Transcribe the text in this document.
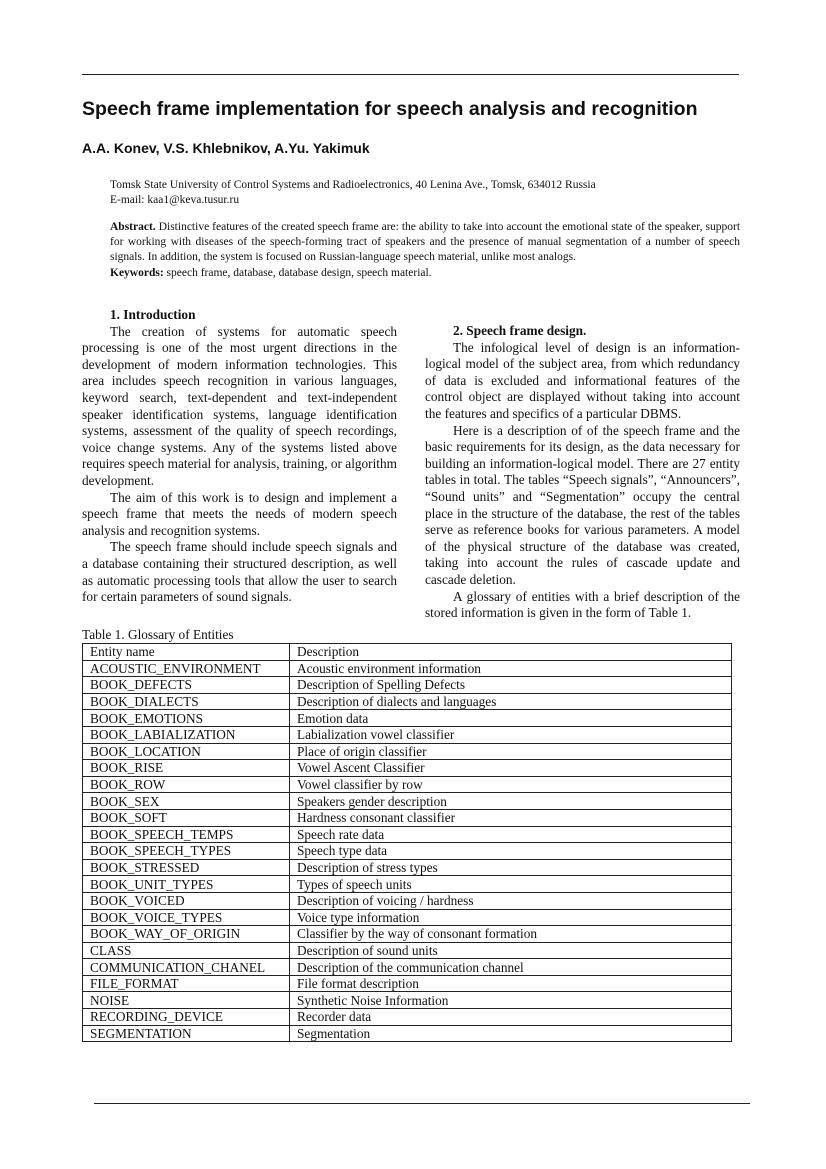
Speech frame implementation for speech analysis and recognition
A.A. Konev, V.S. Khlebnikov, A.Yu. Yakimuk
Tomsk State University of Control Systems and Radioelectronics, 40 Lenina Ave., Tomsk, 634012 Russia
E-mail: kaa1@keva.tusur.ru

Abstract. Distinctive features of the created speech frame are: the ability to take into account the emotional state of the speaker, support for working with diseases of the speech-forming tract of speakers and the presence of manual segmentation of a number of speech signals. In addition, the system is focused on Russian-language speech material, unlike most analogs.

Keywords: speech frame, database, database design, speech material.

1. Introduction

The creation of systems for automatic speech processing is one of the most urgent directions in the development of modern information technologies. This area includes speech recognition in various languages, keyword search, text-dependent and text-independent speaker identification systems, language identification systems, assessment of the quality of speech recordings, voice change systems. Any of the systems listed above requires speech material for analysis, training, or algorithm development.

The aim of this work is to design and implement a speech frame that meets the needs of modern speech analysis and recognition systems.

The speech frame should include speech signals and a database containing their structured description, as well as automatic processing tools that allow the user to search for certain parameters of sound signals.

2. Speech frame design.

The infological level of design is an information-logical model of the subject area, from which redundancy of data is excluded and informational features of the control object are displayed without taking into account the features and specifics of a particular DBMS.

Here is a description of of the speech frame and the basic requirements for its design, as the data necessary for building an information-logical model. There are 27 entity tables in total. The tables “Speech signals”, “Announcers”, “Sound units” and “Segmentation” occupy the central place in the structure of the database, the rest of the tables serve as reference books for various parameters. A model of the physical structure of the database was created, taking into account the rules of cascade update and cascade deletion.

A glossary of entities with a brief description of the stored information is given in the form of Table 1.

Table 1. Glossary of Entities
Entity name	Description
ACOUSTIC_ENVIRONMENT	Acoustic environment information
BOOK_DEFECTS	Description of Spelling Defects
BOOK_DIALECTS	Description of dialects and languages
BOOK_EMOTIONS	Emotion data
BOOK_LABIALIZATION	Labialization vowel classifier
BOOK_LOCATION	Place of origin classifier
BOOK_RISE	Vowel Ascent Classifier
BOOK_ROW	Vowel classifier by row
BOOK_SEX	Speakers gender description
BOOK_SOFT	Hardness consonant classifier
BOOK_SPEECH_TEMPS	Speech rate data
BOOK_SPEECH_TYPES	Speech type data
BOOK_STRESSED	Description of stress types
BOOK_UNIT_TYPES	Types of speech units
BOOK_VOICED	Description of voicing / hardness
BOOK_VOICE_TYPES	Voice type information
BOOK_WAY_OF_ORIGIN	Classifier by the way of consonant formation
CLASS	Description of sound units
COMMUNICATION_CHANEL	Description of the communication channel
FILE_FORMAT	File format description
NOISE	Synthetic Noise Information
RECORDING_DEVICE	Recorder data
SEGMENTATION	Segmentation
